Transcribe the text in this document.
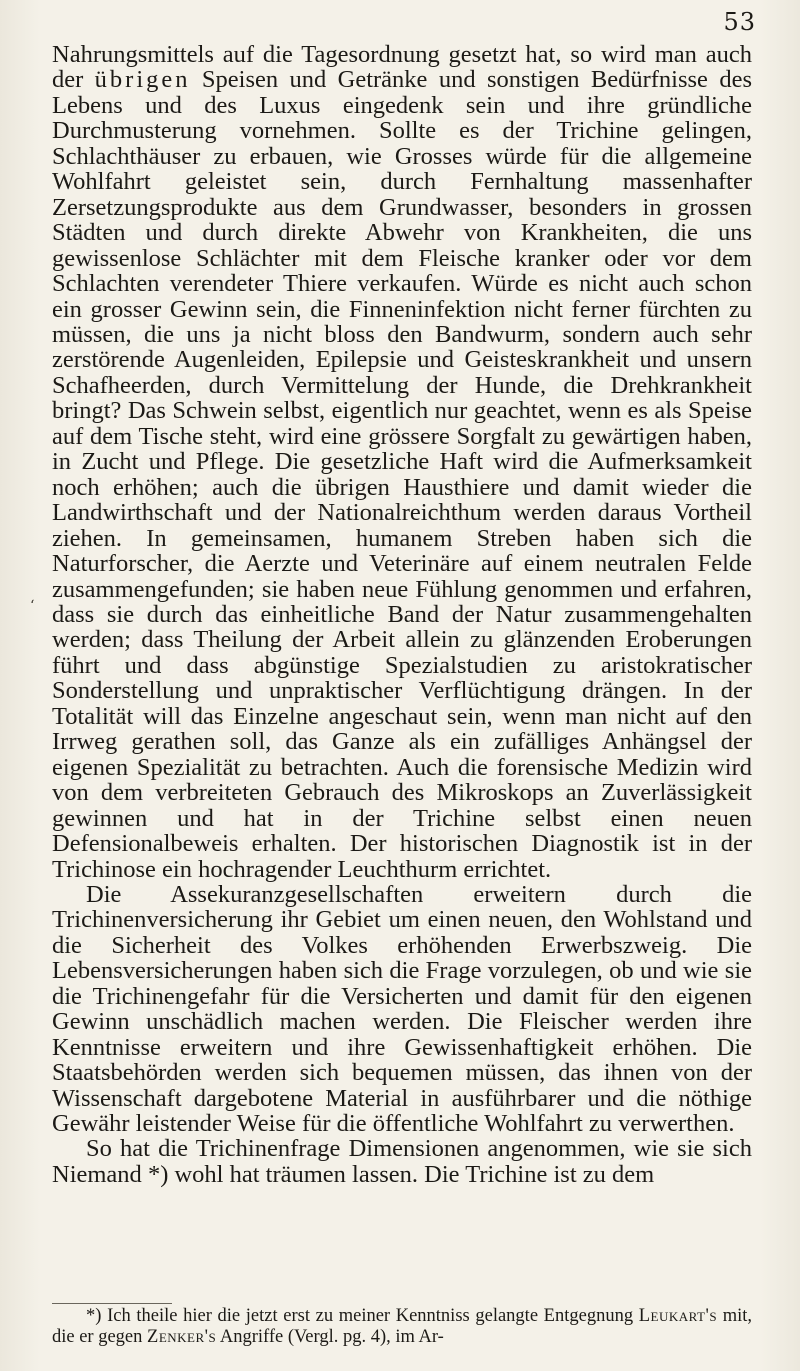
53
‘

Nahrungsmittels auf die Tagesordnung gesetzt hat, so wird man auch der übrigen Speisen und Getränke und sonstigen Bedürfnisse des Lebens und des Luxus eingedenk sein und ihre gründliche Durchmusterung vornehmen. Sollte es der Trichine gelingen, Schlachthäuser zu erbauen, wie Grosses würde für die allgemeine Wohlfahrt geleistet sein, durch Fernhaltung massenhafter Zersetzungsprodukte aus dem Grundwasser, besonders in grossen Städten und durch direkte Abwehr von Krankheiten, die uns gewissenlose Schlächter mit dem Fleische kranker oder vor dem Schlachten verendeter Thiere verkaufen. Würde es nicht auch schon ein grosser Gewinn sein, die Finneninfektion nicht ferner fürchten zu müssen, die uns ja nicht bloss den Bandwurm, sondern auch sehr zerstörende Augenleiden, Epilepsie und Geisteskrankheit und unsern Schafheerden, durch Vermittelung der Hunde, die Drehkrankheit bringt? Das Schwein selbst, eigentlich nur geachtet, wenn es als Speise auf dem Tische steht, wird eine grössere Sorgfalt zu gewärtigen haben, in Zucht und Pflege. Die gesetzliche Haft wird die Aufmerksamkeit noch erhöhen; auch die übrigen Hausthiere und damit wieder die Landwirthschaft und der Nationalreichthum werden daraus Vortheil ziehen. In gemeinsamen, humanem Streben haben sich die Naturforscher, die Aerzte und Veterinäre auf einem neutralen Felde zusammengefunden; sie haben neue Fühlung genommen und erfahren, dass sie durch das einheitliche Band der Natur zusammengehalten werden; dass Theilung der Arbeit allein zu glänzenden Eroberungen führt und dass abgünstige Spezialstudien zu aristokratischer Sonderstellung und unpraktischer Verflüchtigung drängen. In der Totalität will das Einzelne angeschaut sein, wenn man nicht auf den Irrweg gerathen soll, das Ganze als ein zufälliges Anhängsel der eigenen Spezialität zu betrachten. Auch die forensische Medizin wird von dem verbreiteten Gebrauch des Mikroskops an Zuverlässigkeit gewinnen und hat in der Trichine selbst einen neuen Defensionalbeweis erhalten. Der historischen Diagnostik ist in der Trichinose ein hochragender Leuchthurm errichtet.

Die Assekuranzgesellschaften erweitern durch die Trichinenversicherung ihr Gebiet um einen neuen, den Wohlstand und die Sicherheit des Volkes erhöhenden Erwerbszweig. Die Lebensversicherungen haben sich die Frage vorzulegen, ob und wie sie die Trichinengefahr für die Versicherten und damit für den eigenen Gewinn unschädlich machen werden. Die Fleischer werden ihre Kenntnisse erweitern und ihre Gewissenhaftigkeit erhöhen. Die Staatsbehörden werden sich bequemen müssen, das ihnen von der Wissenschaft dargebotene Material in ausführbarer und die nöthige Gewähr leistender Weise für die öffentliche Wohlfahrt zu verwerthen.

So hat die Trichinenfrage Dimensionen angenommen, wie sie sich Niemand *) wohl hat träumen lassen. Die Trichine ist zu dem

*) Ich theile hier die jetzt erst zu meiner Kenntniss gelangte Entgegnung Leukart's mit, die er gegen Zenker's Angriffe (Vergl. pg. 4), im Ar-
